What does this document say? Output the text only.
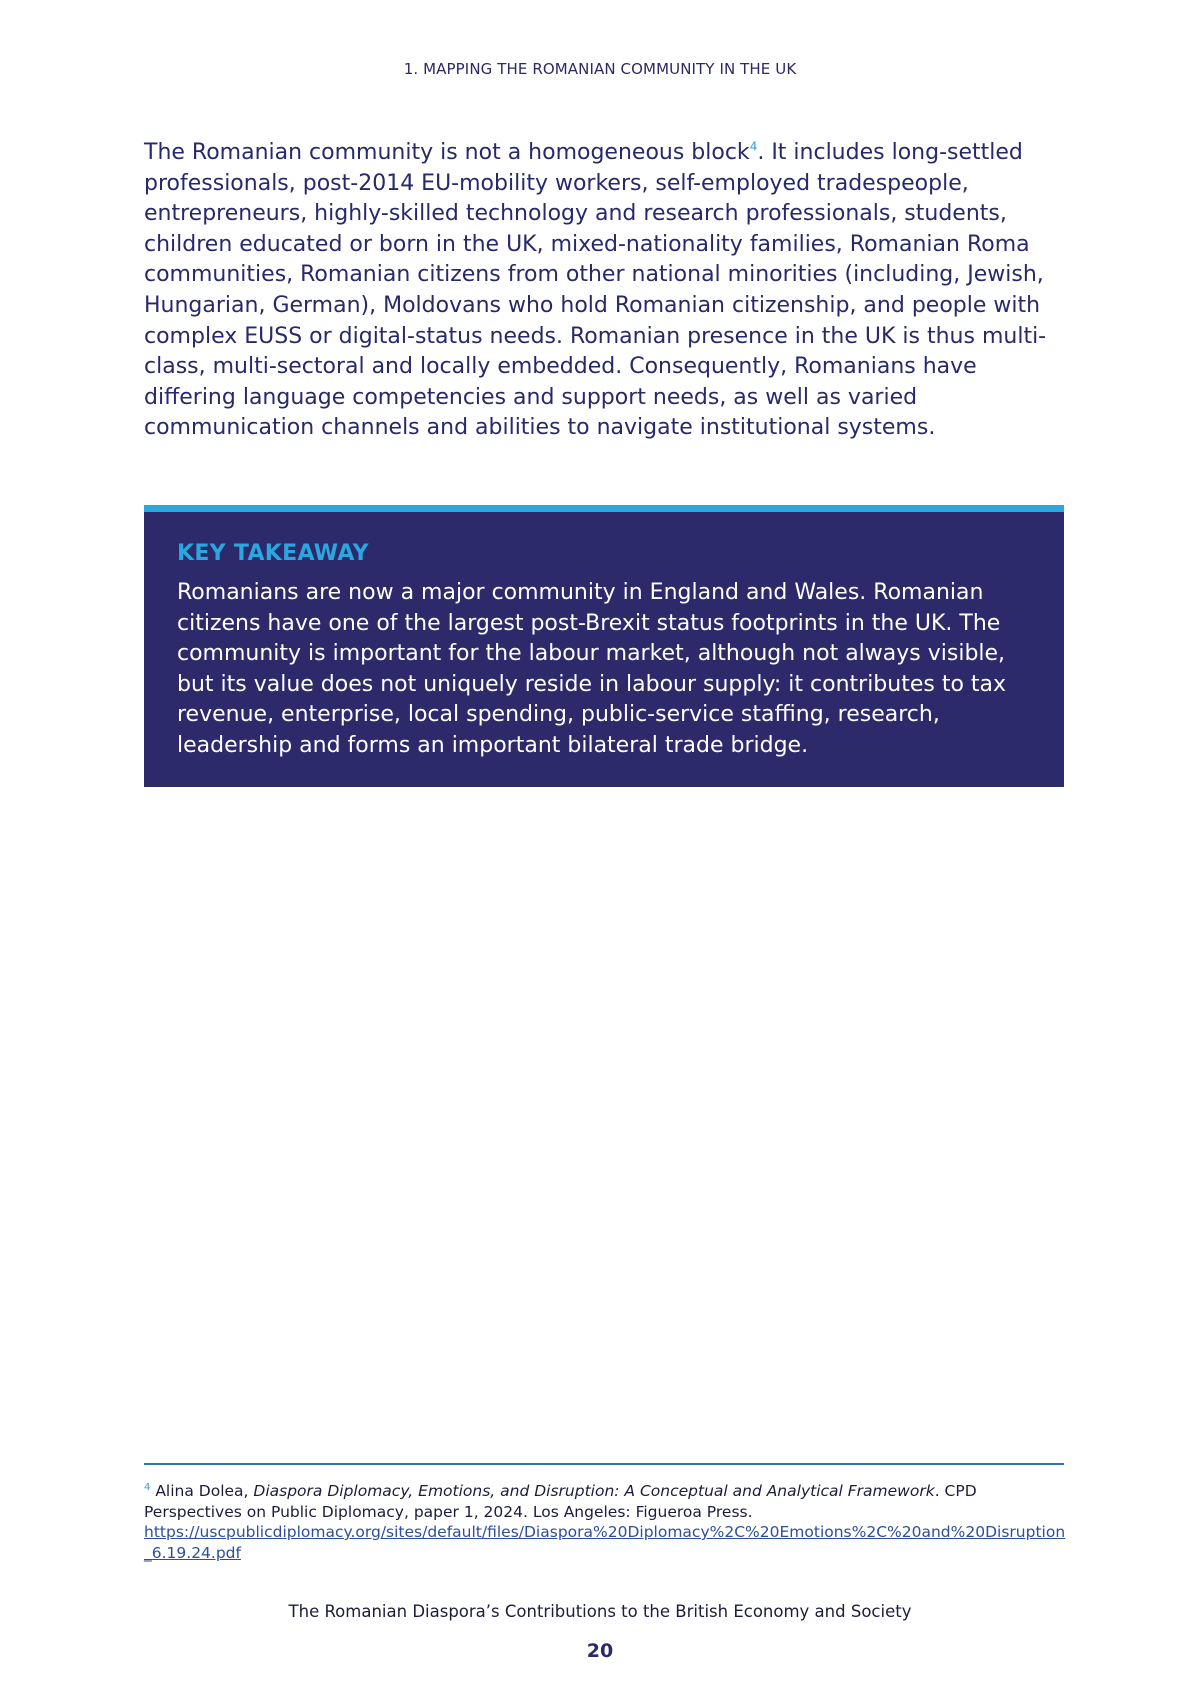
1. MAPPING THE ROMANIAN COMMUNITY IN THE UK
The Romanian community is not a homogeneous block$^4$. It includes long-settled professionals, post-2014 EU-mobility workers, self-employed tradespeople, entrepreneurs, highly-skilled technology and research professionals, students, children educated or born in the UK, mixed-nationality families, Romanian Roma communities, Romanian citizens from other national minorities (including, Jewish, Hungarian, German), Moldovans who hold Romanian citizenship, and people with complex EUSS or digital-status needs. Romanian presence in the UK is thus multi-class, multi-sectoral and locally embedded. Consequently, Romanians have differing language competencies and support needs, as well as varied communication channels and abilities to navigate institutional systems.
KEY TAKEAWAY
Romanians are now a major community in England and Wales. Romanian citizens have one of the largest post-Brexit status footprints in the UK. The community is important for the labour market, although not always visible, but its value does not uniquely reside in labour supply: it contributes to tax revenue, enterprise, local spending, public-service staffing, research, leadership and forms an important bilateral trade bridge.
$^4$ Alina Dolea, Diaspora Diplomacy, Emotions, and Disruption: A Conceptual and Analytical Framework. CPD Perspectives on Public Diplomacy, paper 1, 2024. Los Angeles: Figueroa Press.
https://uscpublicdiplomacy.org/sites/default/files/Diaspora%20Diplomacy%2C%20Emotions%2C%20and%20Disruption_6.19.24.pdf
The Romanian Diaspora’s Contributions to the British Economy and Society
20
